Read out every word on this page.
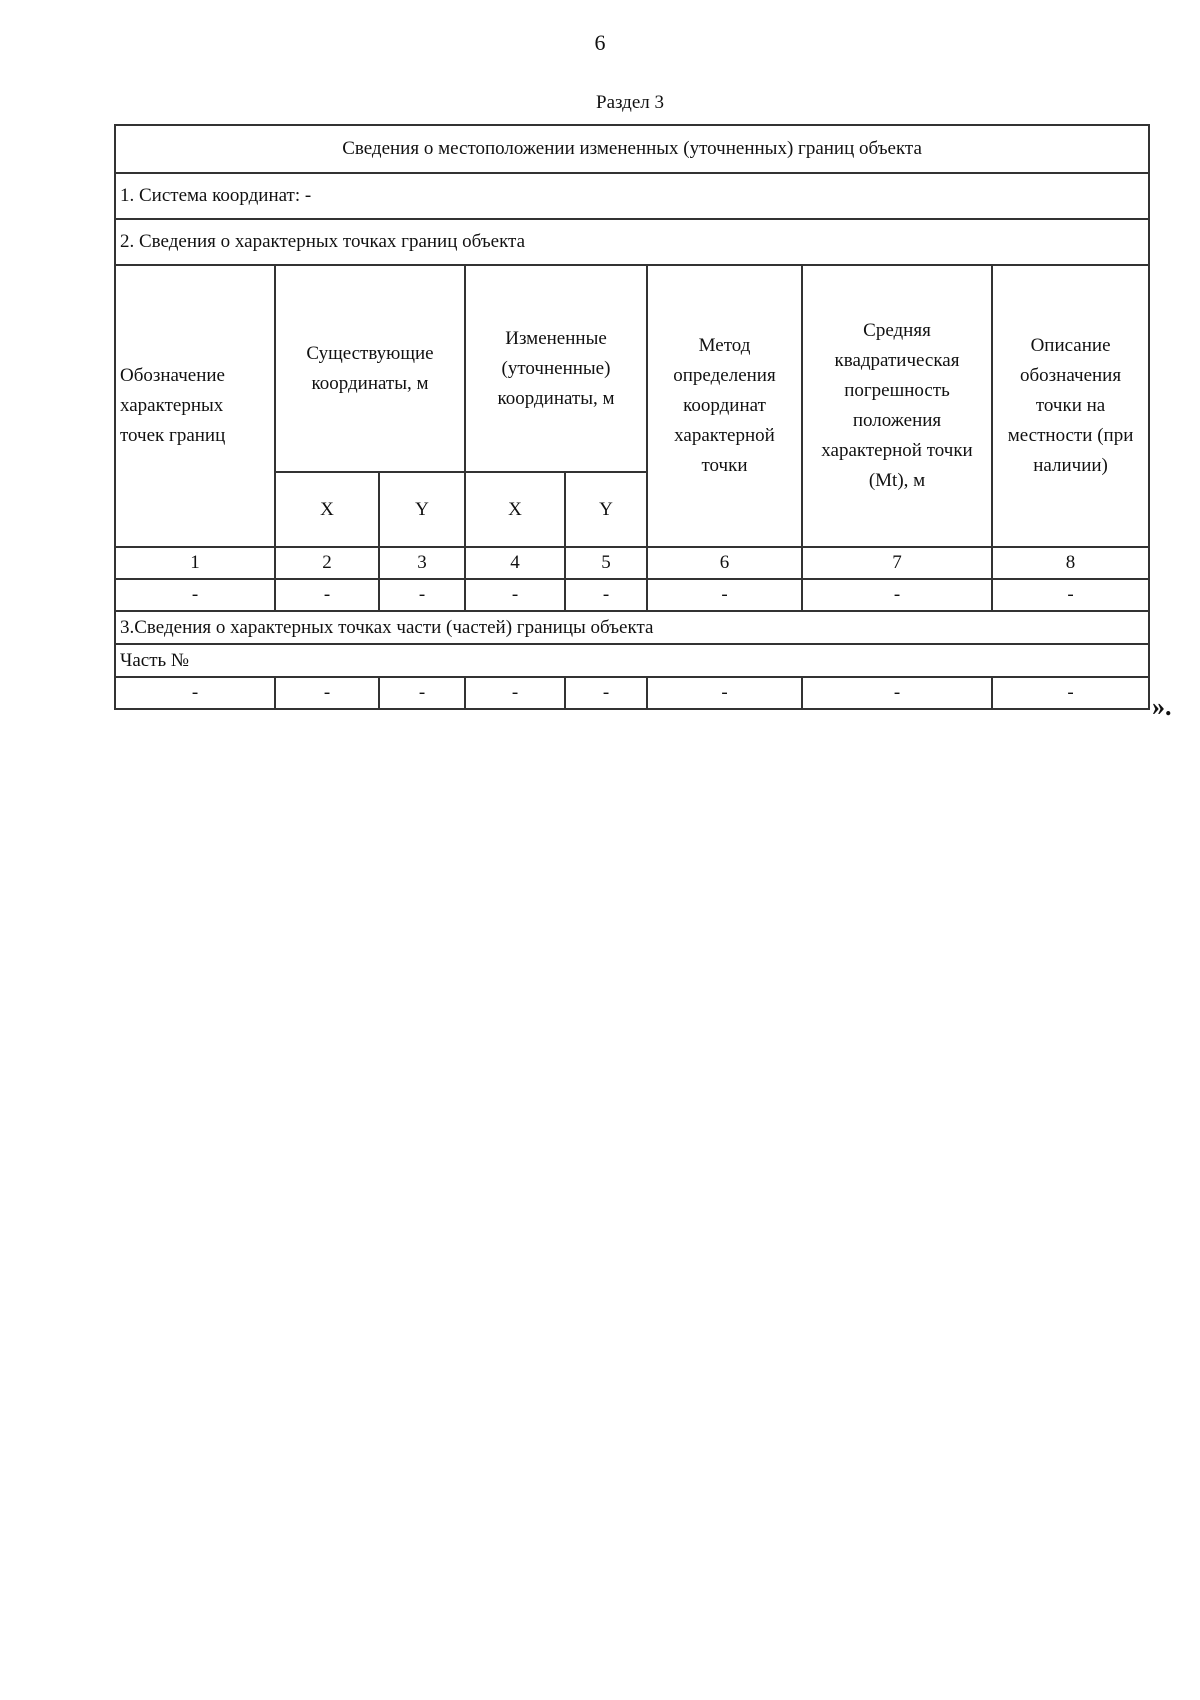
6
Раздел 3
Сведения о местоположении измененных (уточненных) границ объекта							
1. Система координат: -							
2. Сведения о характерных точках границ объекта							
Обозначение характерных точек границ	Существующие координаты, м		Измененные (уточненные) координаты, м		Метод определения координат характерной точки	Средняя квадратическая погрешность положения характерной точки (Mt), м	Описание обозначения точки на местности (при наличии)
	X	Y	X	Y			
1	2	3	4	5	6	7	8
-	-	-	-	-	-	-	-
3.Сведения о характерных точках части (частей) границы объекта							
Часть №							
-	-	-	-	-	-	-	-	».
